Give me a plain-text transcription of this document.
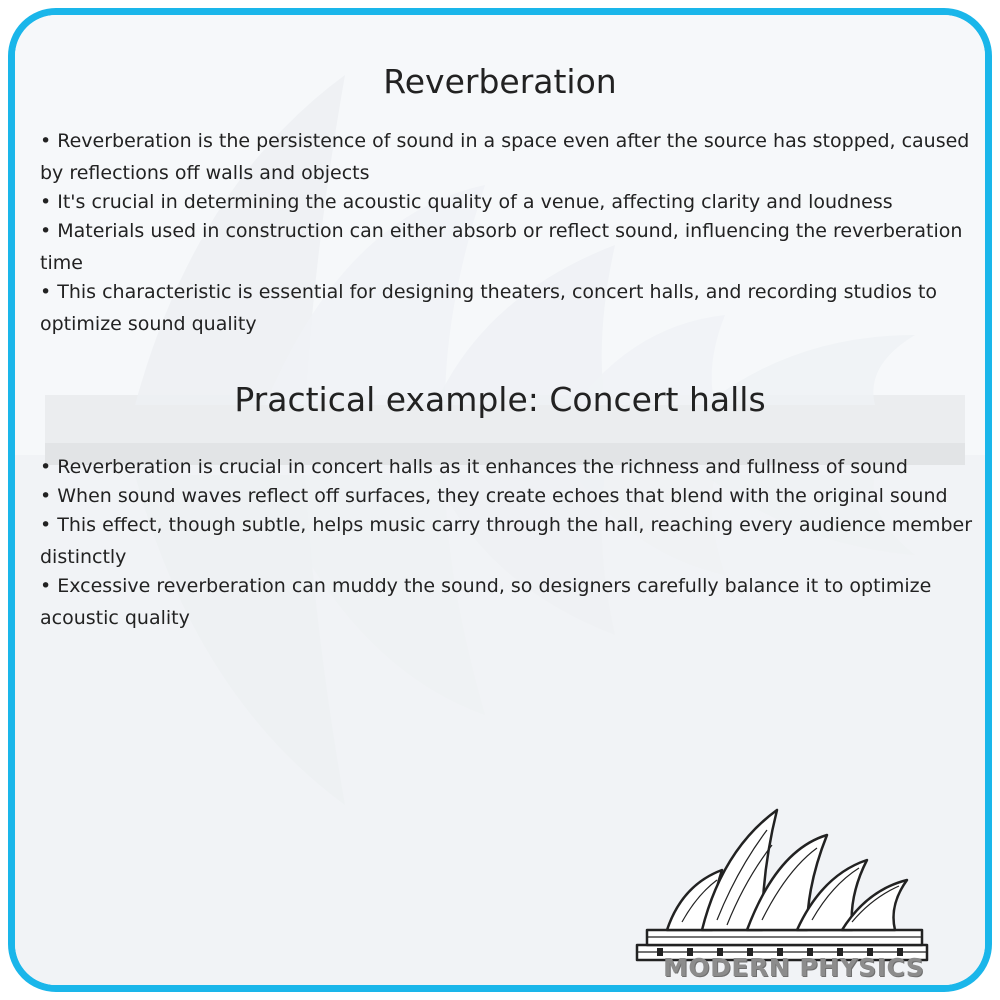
Reverberation
• Reverberation is the persistence of sound in a space even after the source has stopped, caused by reflections off walls and objects
• It's crucial in determining the acoustic quality of a venue, affecting clarity and loudness
• Materials used in construction can either absorb or reflect sound, influencing the reverberation time
• This characteristic is essential for designing theaters, concert halls, and recording studios to optimize sound quality
Practical example: Concert halls
• Reverberation is crucial in concert halls as it enhances the richness and fullness of sound
• When sound waves reflect off surfaces, they create echoes that blend with the original sound
• This effect, though subtle, helps music carry through the hall, reaching every audience member distinctly
• Excessive reverberation can muddy the sound, so designers carefully balance it to optimize acoustic quality
MODERN PHYSICS
